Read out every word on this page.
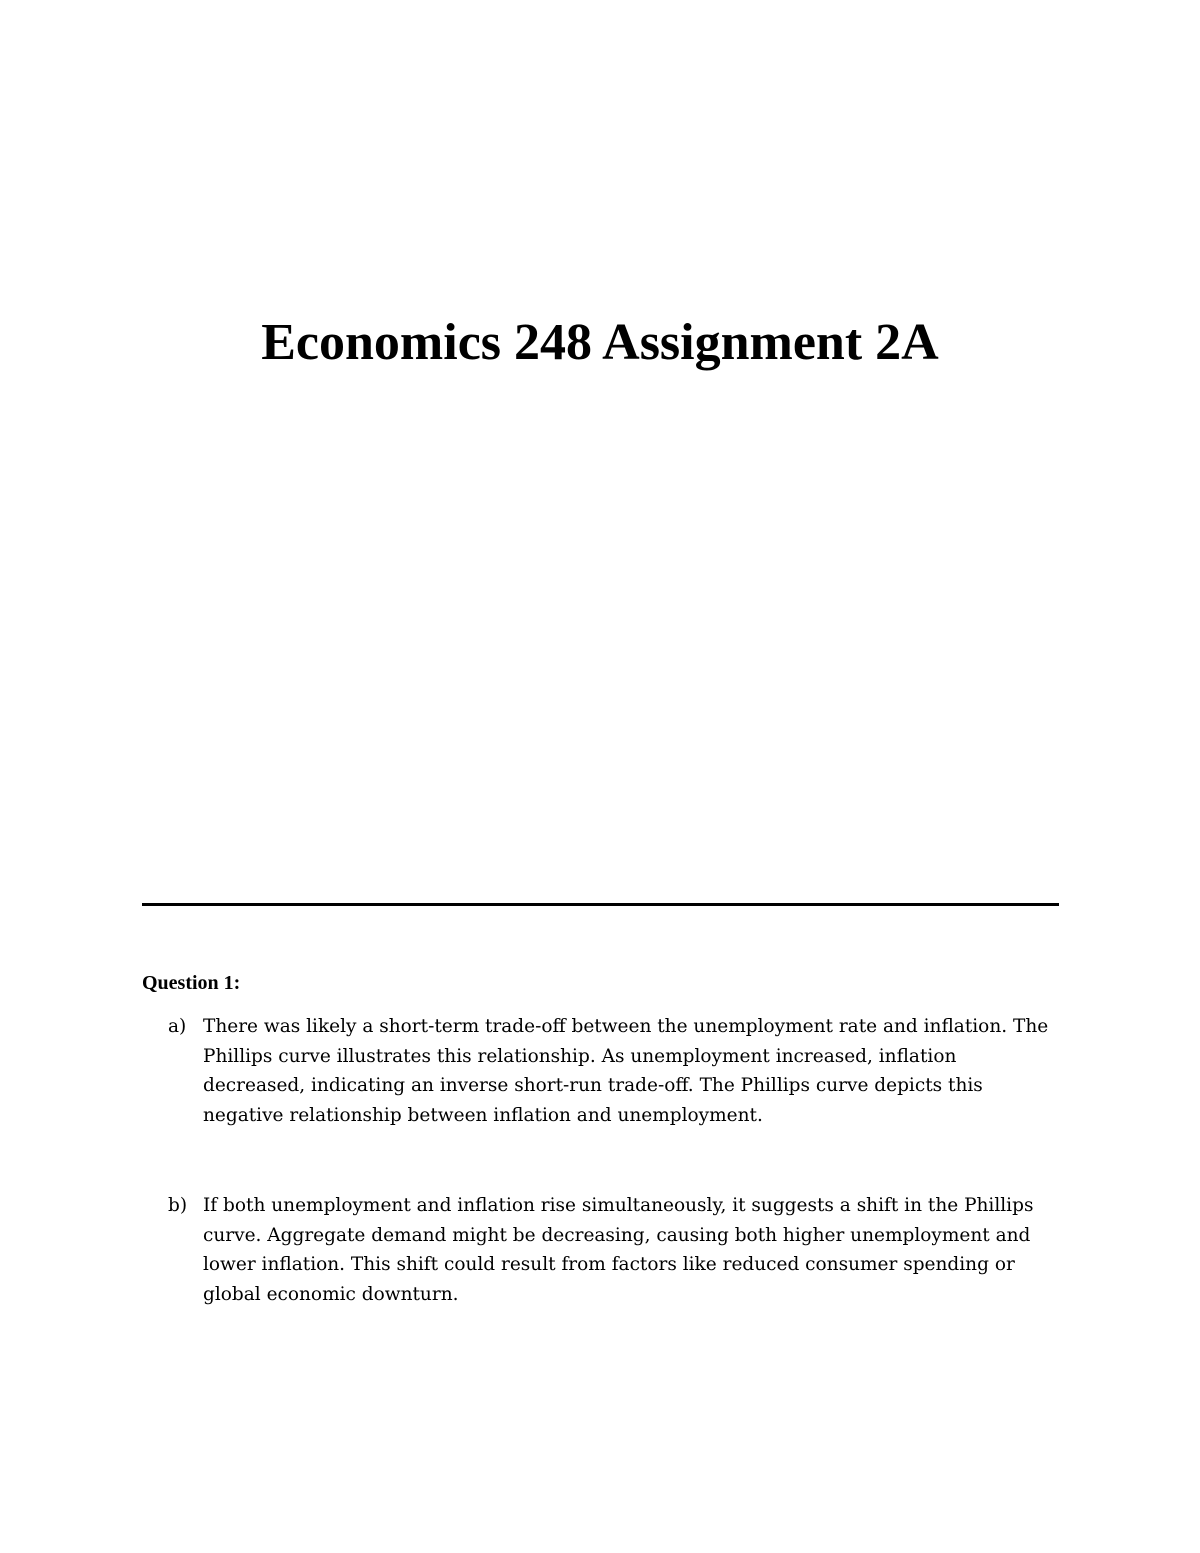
Economics 248 Assignment 2A
Question 1:
a) There was likely a short-term trade-off between the unemployment rate and inflation. The Phillips curve illustrates this relationship. As unemployment increased, inflation decreased, indicating an inverse short-run trade-off. The Phillips curve depicts this negative relationship between inflation and unemployment.
b) If both unemployment and inflation rise simultaneously, it suggests a shift in the Phillips curve. Aggregate demand might be decreasing, causing both higher unemployment and lower inflation. This shift could result from factors like reduced consumer spending or global economic downturn.
